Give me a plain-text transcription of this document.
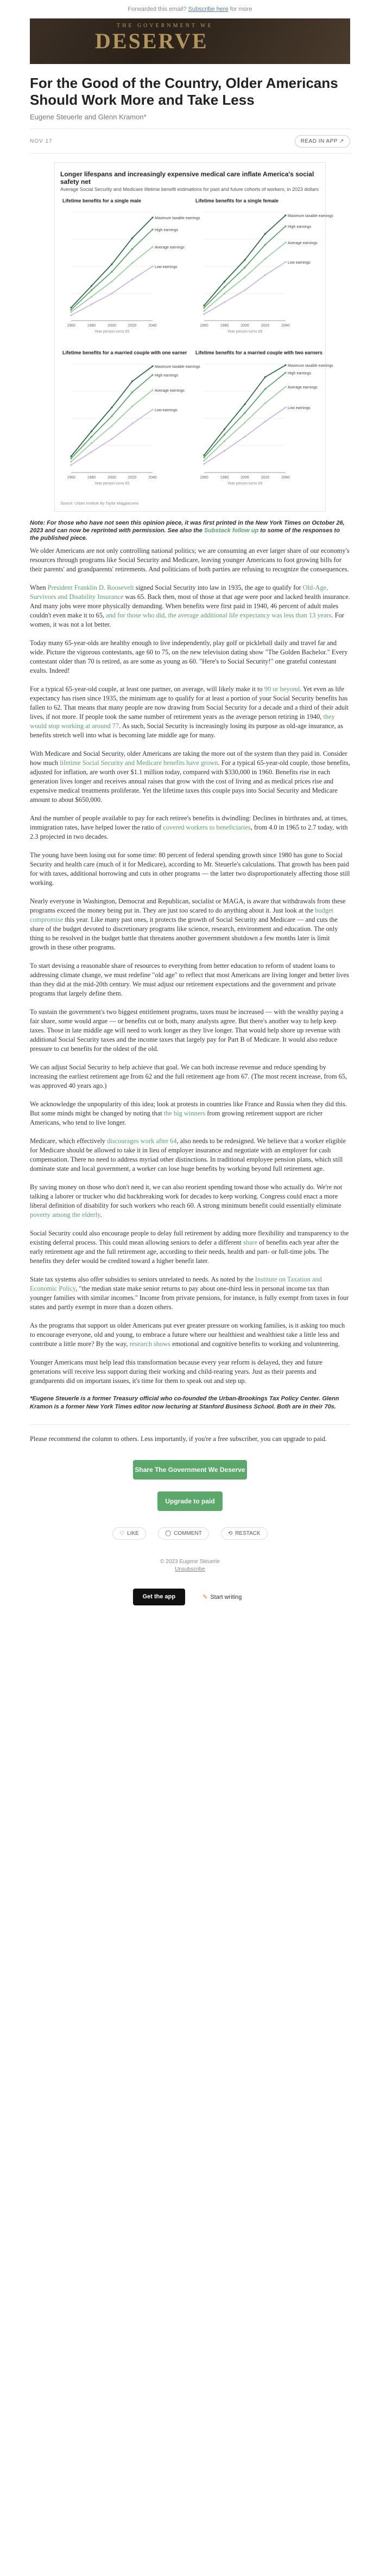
Forwarded this email? Subscribe here for more
THE GOVERNMENT WE
DESERVE
For the Good of the Country, Older Americans Should Work More and Take Less
Eugene Steuerle and Glenn Kramon*
NOV 17	READ IN APP ↗
Longer lifespans and increasingly expensive medical care inflate America's social safety net
Average Social Security and Medicare lifetime benefit estimations for past and future cohorts of workers, in 2023 dollars
Lifetime benefits for a single male
Maximum taxable earnings
High earnings
Average earnings
Low earnings
1960	1980	2000	2020	2040
Year person turns 65
Lifetime benefits for a single female
Maximum taxable earnings
High earnings
Average earnings
Low earnings
1960	1980	2000	2020	2040
Year person turns 65
Lifetime benefits for a married couple with one earner
Maximum taxable earnings
High earnings
Average earnings
Low earnings
1960	1980	2000	2020	2040
Year person turns 65
Lifetime benefits for a married couple with two earners
Maximum taxable earnings
High earnings
Average earnings
Low earnings
1960	1980	2000	2020	2040
Year person turns 65
Source: Urban Institute By Taylor Maggiacomo
Note: For those who have not seen this opinion piece, it was first printed in the New York Times on October 26, 2023 and can now be reprinted with permission. See also the Substack follow up to some of the responses to the published piece.

We older Americans are not only controlling national politics; we are consuming an ever larger share of our economy's resources through programs like Social Security and Medicare, leaving younger Americans to foot growing bills for their parents' and grandparents' retirements. And politicians of both parties are refusing to recognize the consequences.

When President Franklin D. Roosevelt signed Social Security into law in 1935, the age to qualify for Old-Age, Survivors and Disability Insurance was 65. Back then, most of those at that age were poor and lacked health insurance. And many jobs were more physically demanding. When benefits were first paid in 1940, 46 percent of adult males couldn't even make it to 65, and for those who did, the average additional life expectancy was less than 13 years. For women, it was not a lot better.

Today many 65-year-olds are healthy enough to live independently, play golf or pickleball daily and travel far and wide. Picture the vigorous contestants, age 60 to 75, on the new television dating show "The Golden Bachelor." Every contestant older than 70 is retired, as are some as young as 60. "Here's to Social Security!" one grateful contestant exults. Indeed!

For a typical 65-year-old couple, at least one partner, on average, will likely make it to 90 or beyond. Yet even as life expectancy has risen since 1935, the minimum age to qualify for at least a portion of your Social Security benefits has fallen to 62. That means that many people are now drawing from Social Security for a decade and a third of their adult lives, if not more. If people took the same number of retirement years as the average person retiring in 1940, they would stop working at around 77. As such, Social Security is increasingly losing its purpose as old-age insurance, as benefits stretch well into what is becoming late middle age for many.

With Medicare and Social Security, older Americans are taking the more out of the system than they paid in. Consider how much lifetime Social Security and Medicare benefits have grown. For a typical 65-year-old couple, those benefits, adjusted for inflation, are worth over $1.1 million today, compared with $330,000 in 1960. Benefits rise in each generation lives longer and receives annual raises that grow with the cost of living and as medical prices rise and expensive medical treatments proliferate. Yet the lifetime taxes this couple pays into Social Security and Medicare amount to about $650,000.

And the number of people available to pay for each retiree's benefits is dwindling: Declines in birthrates and, at times, immigration rates, have helped lower the ratio of covered workers to beneficiaries, from 4.0 in 1965 to 2.7 today, with 2.3 projected in two decades.

The young have been losing out for some time: 80 percent of federal spending growth since 1980 has gone to Social Security and health care (much of it for Medicare), according to Mr. Steuerle's calculations. That growth has been paid for with taxes, additional borrowing and cuts in other programs — the latter two disproportionately affecting those still working.

Nearly everyone in Washington, Democrat and Republican, socialist or MAGA, is aware that withdrawals from these programs exceed the money being put in. They are just too scared to do anything about it. Just look at the budget compromise this year. Like many past ones, it protects the growth of Social Security and Medicare — and cuts the share of the budget devoted to discretionary programs like science, research, environment and education. The only thing to be resolved in the budget battle that threatens another government shutdown a few months later is limit growth in these other programs.

To start devising a reasonable share of resources to everything from better education to reform of student loans to addressing climate change, we must redefine "old age" to reflect that most Americans are living longer and better lives than they did at the mid-20th century. We must adjust our retirement expectations and the government and private programs that largely define them.

To sustain the government's two biggest entitlement programs, taxes must be increased — with the wealthy paying a fair share, some would argue — or benefits cut or both, many analysts agree. But there's another way to help keep taxes. Those in late middle age will need to work longer as they live longer. That would help shore up revenue with additional Social Security taxes and the income taxes that largely pay for Part B of Medicare. It would also reduce pressure to cut benefits for the oldest of the old.

We can adjust Social Security to help achieve that goal. We can both increase revenue and reduce spending by increasing the earliest retirement age from 62 and the full retirement age from 67. (The most recent increase, from 65, was approved 40 years ago.)

We acknowledge the unpopularity of this idea; look at protests in countries like France and Russia when they did this. But some minds might be changed by noting that the big winners from growing retirement support are richer Americans, who tend to live longer.

Medicare, which effectively discourages work after 64, also needs to be redesigned. We believe that a worker eligible for Medicare should be allowed to take it in lieu of employer insurance and negotiate with an employer for cash compensation. There no need to address myriad other distinctions. In traditional employee pension plans, which still dominate state and local government, a worker can lose huge benefits by working beyond full retirement age.

By saving money on those who don't need it, we can also reorient spending toward those who actually do. We're not talking a laborer or trucker who did backbreaking work for decades to keep working. Congress could enact a more liberal definition of disability for such workers who reach 60. A strong minimum benefit could essentially eliminate poverty among the elderly.

Social Security could also encourage people to delay full retirement by adding more flexibility and transparency to the existing deferral process. This could mean allowing seniors to defer a different share of benefits each year after the early retirement age and the full retirement age, according to their needs, health and part- or full-time jobs. The benefits they defer would be credited toward a higher benefit later.

State tax systems also offer subsidies to seniors unrelated to needs. As noted by the Institute on Taxation and Economic Policy, "the median state make senior returns to pay about one-third less in personal income tax than younger families with similar incomes." Income from private pensions, for instance, is fully exempt from taxes in four states and partly exempt in more than a dozen others.

As the programs that support us older Americans put ever greater pressure on working families, is it asking too much to encourage everyone, old and young, to embrace a future where our healthiest and wealthiest take a little less and contribute a little more? By the way, research shows emotional and cognitive benefits to working and volunteering.

Younger Americans must help lead this transformation because every year reform is delayed, they and future generations will receive less support during their working and child-rearing years. Just as their parents and grandparents did on important issues, it's time for them to speak out and step up.

*Eugene Steuerle is a former Treasury official who co-founded the Urban-Brookings Tax Policy Center. Glenn Kramon is a former New York Times editor now lecturing at Stanford Business School. Both are in their 70s.

Please recommend the column to others. Less importantly, if you're a free subscriber, you can upgrade to paid.

Share The Government We Deserve
Upgrade to paid
♡ LIKE	◯ COMMENT	⟲ RESTACK
© 2023 Eugene Steuerle
Unsubscribe
Get the app	✎ Start writing
